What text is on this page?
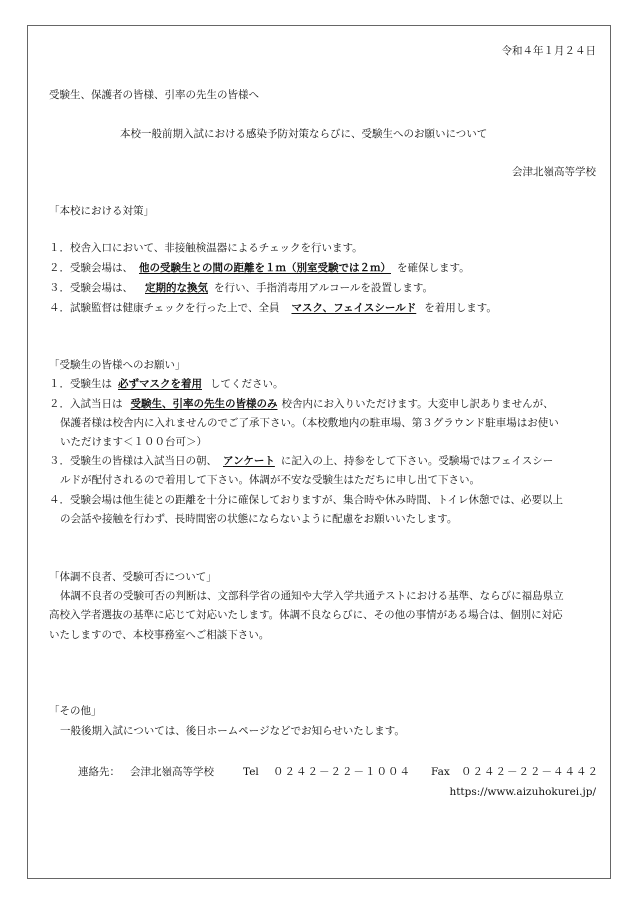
令和４年１月２４日
受験生、保護者の皆様、引率の先生の皆様へ
本校一般前期入試における感染予防対策ならびに、受験生へのお願いについて
会津北嶺高等学校
「本校における対策」
１．校舎入口において、非接触検温器によるチェックを行います。
２．受験会場は、 他の受験生との間の距離を１ｍ（別室受験では２ｍ） を確保します。
３．受験会場は、 定期的な換気 を行い、手指消毒用アルコールを設置します。
４．試験監督は健康チェックを行った上で、全員 マスク、フェイスシールド を着用します。
「受験生の皆様へのお願い」
１．受験生は 必ずマスクを着用 してください。
２．入試当日は 受験生、引率の先生の皆様のみ 校舎内にお入りいただけます。大変申し訳ありませんが、
保護者様は校舎内に入れませんのでご了承下さい。（本校敷地内の駐車場、第３グラウンド駐車場はお使い
いただけます＜１００台可＞）
３．受験生の皆様は入試当日の朝、 アンケート に記入の上、持参をして下さい。受験場ではフェイスシー
ルドが配付されるので着用して下さい。体調が不安な受験生はただちに申し出て下さい。
４．受験会場は他生徒との距離を十分に確保しておりますが、集合時や休み時間、トイレ休憩では、必要以上
の会話や接触を行わず、長時間密の状態にならないように配慮をお願いいたします。
「体調不良者、受験可否について」
体調不良者の受験可否の判断は、文部科学省の通知や大学入学共通テストにおける基準、ならびに福島県立
高校入学者選抜の基準に応じて対応いたします。体調不良ならびに、その他の事情がある場合は、個別に対応
いたしますので、本校事務室へご相談下さい。
「その他」
一般後期入試については、後日ホームページなどでお知らせいたします。
連絡先： 会津北嶺高等学校	Tel ０２４２－２２－１００４ Fax ０２４２－２２－４４４２
https://www.aizuhokurei.jp/
